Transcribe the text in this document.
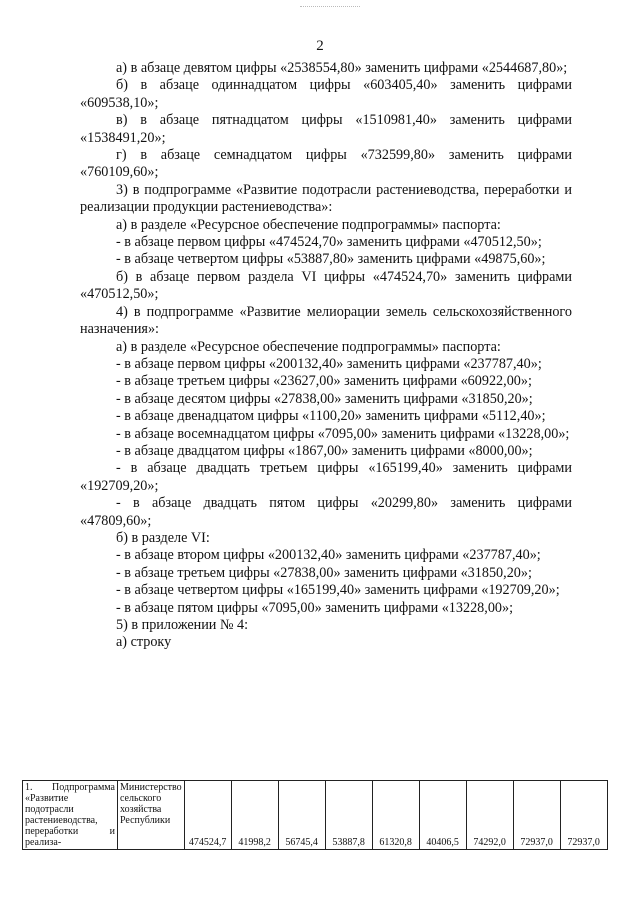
2

а) в абзаце девятом цифры «2538554,80» заменить цифрами «2544687,80»;

б) в абзаце одиннадцатом цифры «603405,40» заменить цифрами «609538,10»;

в) в абзаце пятнадцатом цифры «1510981,40» заменить цифрами «1538491,20»;

г) в абзаце семнадцатом цифры «732599,80» заменить цифрами «760109,60»;

3) в подпрограмме «Развитие подотрасли растениеводства, переработки и реализации продукции растениеводства»:

а) в разделе «Ресурсное обеспечение подпрограммы» паспорта:

- в абзаце первом цифры «474524,70» заменить цифрами «470512,50»;

- в абзаце четвертом цифры «53887,80» заменить цифрами «49875,60»;

б) в абзаце первом раздела VI цифры «474524,70» заменить цифрами «470512,50»;

4) в подпрограмме «Развитие мелиорации земель сельскохозяйственного назначения»:

а) в разделе «Ресурсное обеспечение подпрограммы» паспорта:

- в абзаце первом цифры «200132,40» заменить цифрами «237787,40»;

- в абзаце третьем цифры «23627,00» заменить цифрами «60922,00»;

- в абзаце десятом цифры «27838,00» заменить цифрами «31850,20»;

- в абзаце двенадцатом цифры «1100,20» заменить цифрами «5112,40»;

- в абзаце восемнадцатом цифры «7095,00» заменить цифрами «13228,00»;

- в абзаце двадцатом цифры «1867,00» заменить цифрами «8000,00»;

- в абзаце двадцать третьем цифры «165199,40» заменить цифрами «192709,20»;

- в абзаце двадцать пятом цифры «20299,80» заменить цифрами «47809,60»;

б) в разделе VI:

- в абзаце втором цифры «200132,40» заменить цифрами «237787,40»;

- в абзаце третьем цифры «27838,00» заменить цифрами «31850,20»;

- в абзаце четвертом цифры «165199,40» заменить цифрами «192709,20»;

- в абзаце пятом цифры «7095,00» заменить цифрами «13228,00»;

5) в приложении № 4:

а) строку

1. Подпрограмма «Развитие подотрасли растениеводства, переработки и реализа-	Министерство сельского хозяйства Республики	474524,7	41998,2	56745,4	53887,8	61320,8	40406,5	74292,0	72937,0	72937,0
